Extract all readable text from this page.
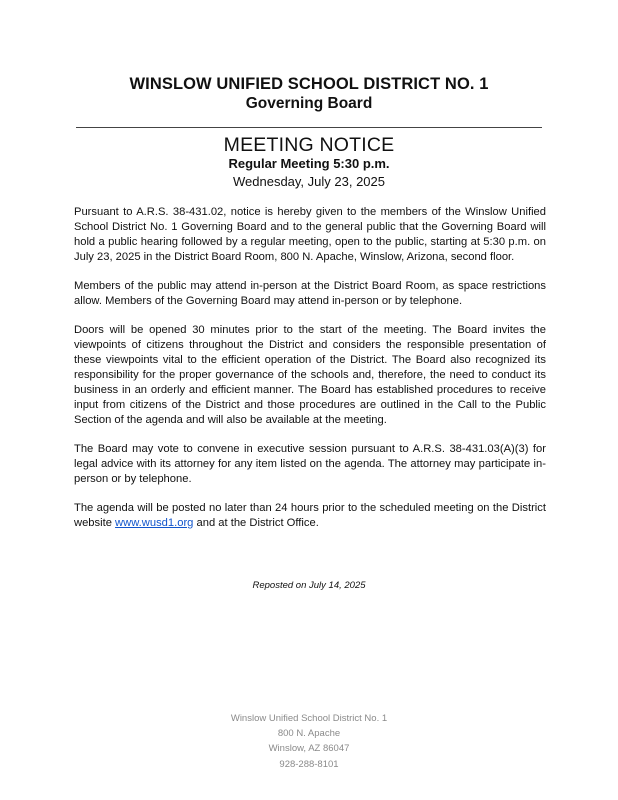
WINSLOW UNIFIED SCHOOL DISTRICT NO. 1
Governing Board
MEETING NOTICE
Regular Meeting 5:30 p.m.
Wednesday, July 23, 2025

Pursuant to A.R.S. 38-431.02, notice is hereby given to the members of the Winslow Unified School District No. 1 Governing Board and to the general public that the Governing Board will hold a public hearing followed by a regular meeting, open to the public, starting at 5:30 p.m. on July 23, 2025 in the District Board Room, 800 N. Apache, Winslow, Arizona, second floor.

Members of the public may attend in-person at the District Board Room, as space restrictions allow. Members of the Governing Board may attend in-person or by telephone.

Doors will be opened 30 minutes prior to the start of the meeting. The Board invites the viewpoints of citizens throughout the District and considers the responsible presentation of these viewpoints vital to the efficient operation of the District. The Board also recognized its responsibility for the proper governance of the schools and, therefore, the need to conduct its business in an orderly and efficient manner. The Board has established procedures to receive input from citizens of the District and those procedures are outlined in the Call to the Public Section of the agenda and will also be available at the meeting.

The Board may vote to convene in executive session pursuant to A.R.S. 38-431.03(A)(3) for legal advice with its attorney for any item listed on the agenda. The attorney may participate in-person or by telephone.

The agenda will be posted no later than 24 hours prior to the scheduled meeting on the District website www.wusd1.org and at the District Office.

Reposted on July 14, 2025
Winslow Unified School District No. 1
800 N. Apache
Winslow, AZ 86047
928-288-8101
